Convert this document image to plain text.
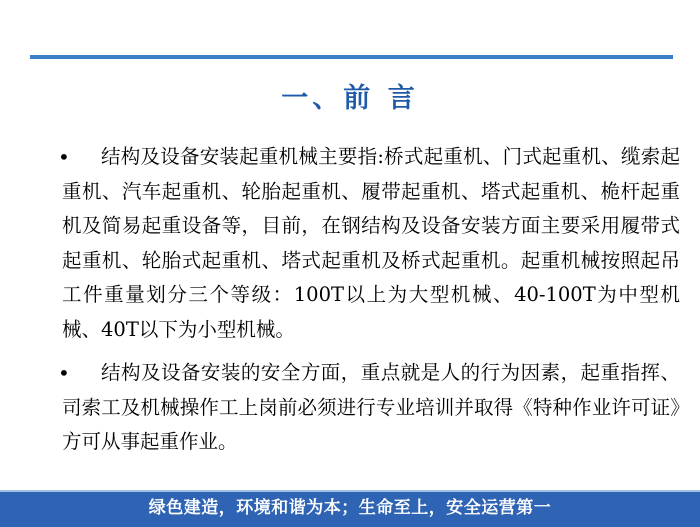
一、前 言

• 结构及设备安装起重机械主要指:桥式起重机、门式起重机、缆索起重机、汽车起重机、轮胎起重机、履带起重机、塔式起重机、桅杆起重机及简易起重设备等，目前，在钢结构及设备安装方面主要采用履带式起重机、轮胎式起重机、塔式起重机及桥式起重机。起重机械按照起吊工件重量划分三个等级：100T以上为大型机械、40-100T为中型机械、40T以下为小型机械。

• 结构及设备安装的安全方面，重点就是人的行为因素，起重指挥、司索工及机械操作工上岗前必须进行专业培训并取得《特种作业许可证》方可从事起重作业。

绿色建造，环境和谐为本；生命至上，安全运营第一
